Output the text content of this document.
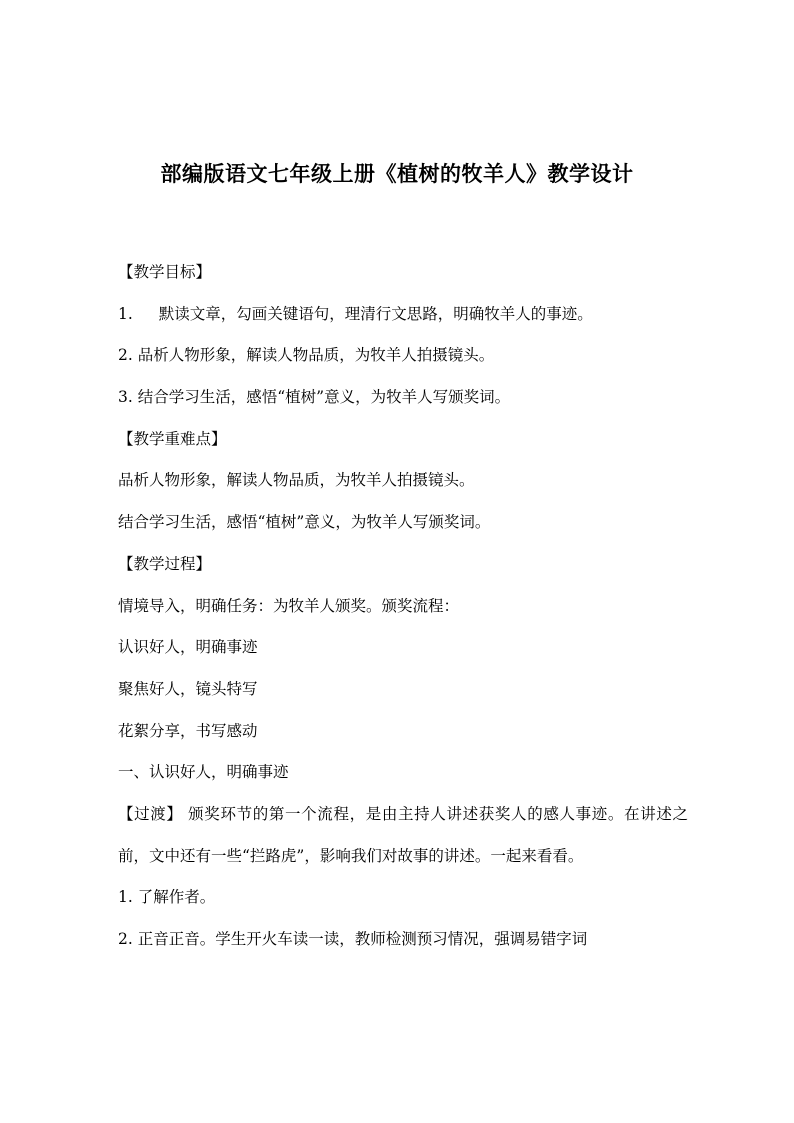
部编版语文七年级上册《植树的牧羊人》教学设计
【教学目标】
1. 默读文章，勾画关键语句，理清行文思路，明确牧羊人的事迹。
2. 品析人物形象，解读人物品质，为牧羊人拍摄镜头。
3. 结合学习生活，感悟“植树”意义，为牧羊人写颁奖词。
【教学重难点】
品析人物形象，解读人物品质，为牧羊人拍摄镜头。
结合学习生活，感悟“植树”意义，为牧羊人写颁奖词。
【教学过程】
情境导入，明确任务：为牧羊人颁奖。颁奖流程：
认识好人，明确事迹
聚焦好人，镜头特写
花絮分享，书写感动
一、认识好人，明确事迹
【过渡】 颁奖环节的第一个流程，是由主持人讲述获奖人的感人事迹。在讲述之前，文中还有一些“拦路虎”，影响我们对故事的讲述。一起来看看。
1. 了解作者。
2. 正音正音。学生开火车读一读，教师检测预习情况，强调易错字词
